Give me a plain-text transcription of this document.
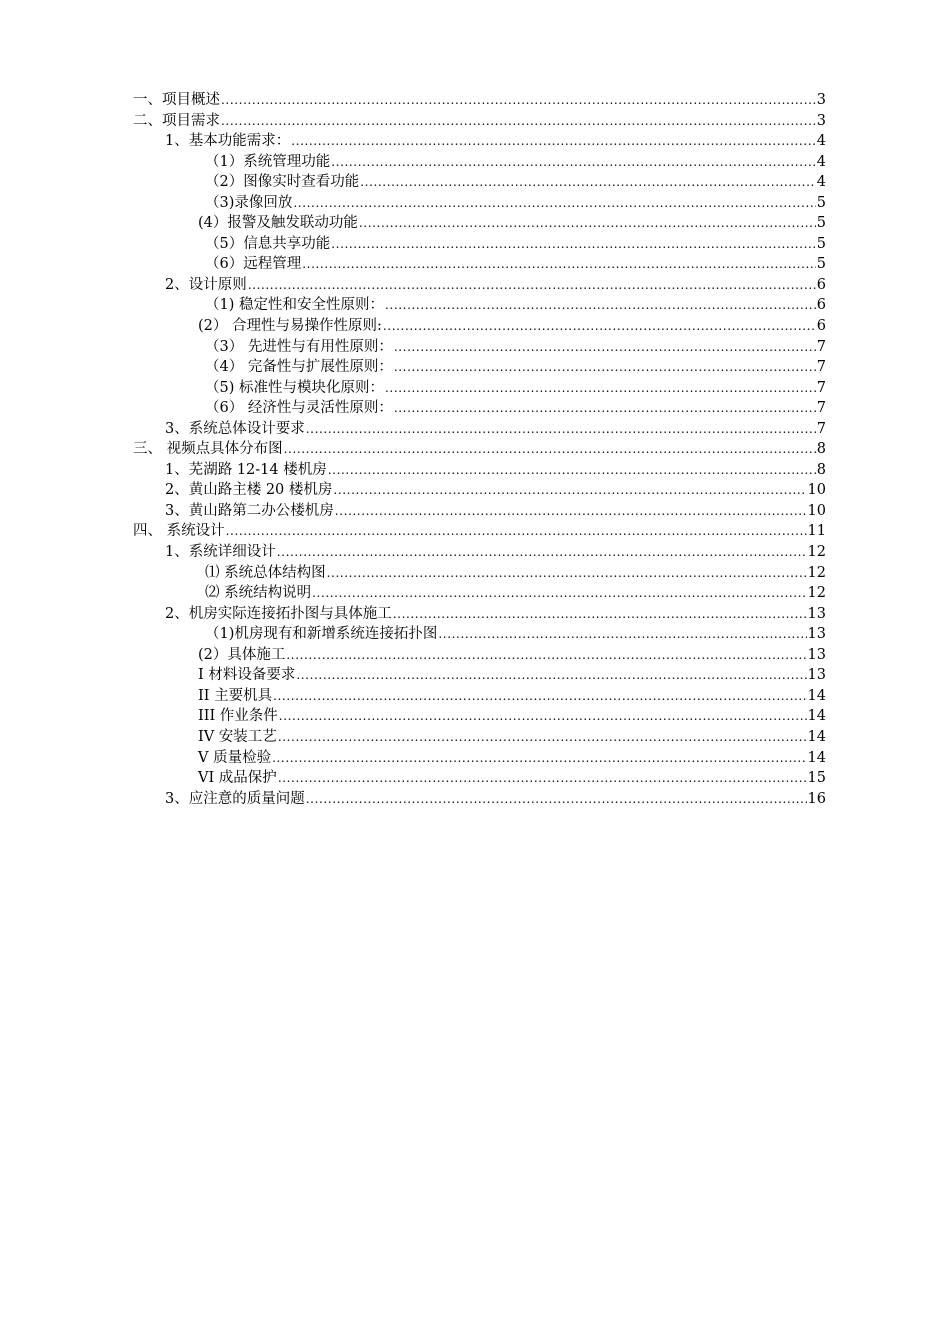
一、项目概述	3
.....
二、项目需求	3
.....
1、基本功能需求：	4
.....
（1）系统管理功能	4
.....
（2）图像实时查看功能	4
.....
（3)录像回放	5
.....
(4）报警及触发联动功能	5
.....
（5）信息共享功能	5
.....
（6）远程管理	5
.....
2、设计原则	6
.....
（1) 稳定性和安全性原则：	6
.....
(2） 合理性与易操作性原则:	6
.....
（3） 先进性与有用性原则：	7
.....
（4） 完备性与扩展性原则：	7
.....
（5) 标准性与模块化原则：	7
.....
（6） 经济性与灵活性原则：	7
.....
3、系统总体设计要求	7
.....
三、 视频点具体分布图	8
.....
1、芜湖路 12-14 楼机房	8
.....
2、黄山路主楼 20 楼机房	10
.....
3、黄山路第二办公楼机房	10
.....
四、 系统设计	11
.....
1、系统详细设计	12
.....
⑴ 系统总体结构图	12
.....
⑵ 系统结构说明	12
.....
2、机房实际连接拓扑图与具体施工	13
.....
（1)机房现有和新增系统连接拓扑图	13
.....
(2）具体施工	13
.....
I 材料设备要求	13
.....
II 主要机具	14
.....
III 作业条件	14
.....
IV 安装工艺	14
.....
V 质量检验	14
.....
VI 成品保护	15
.....
3、应注意的质量问题	16
.....
